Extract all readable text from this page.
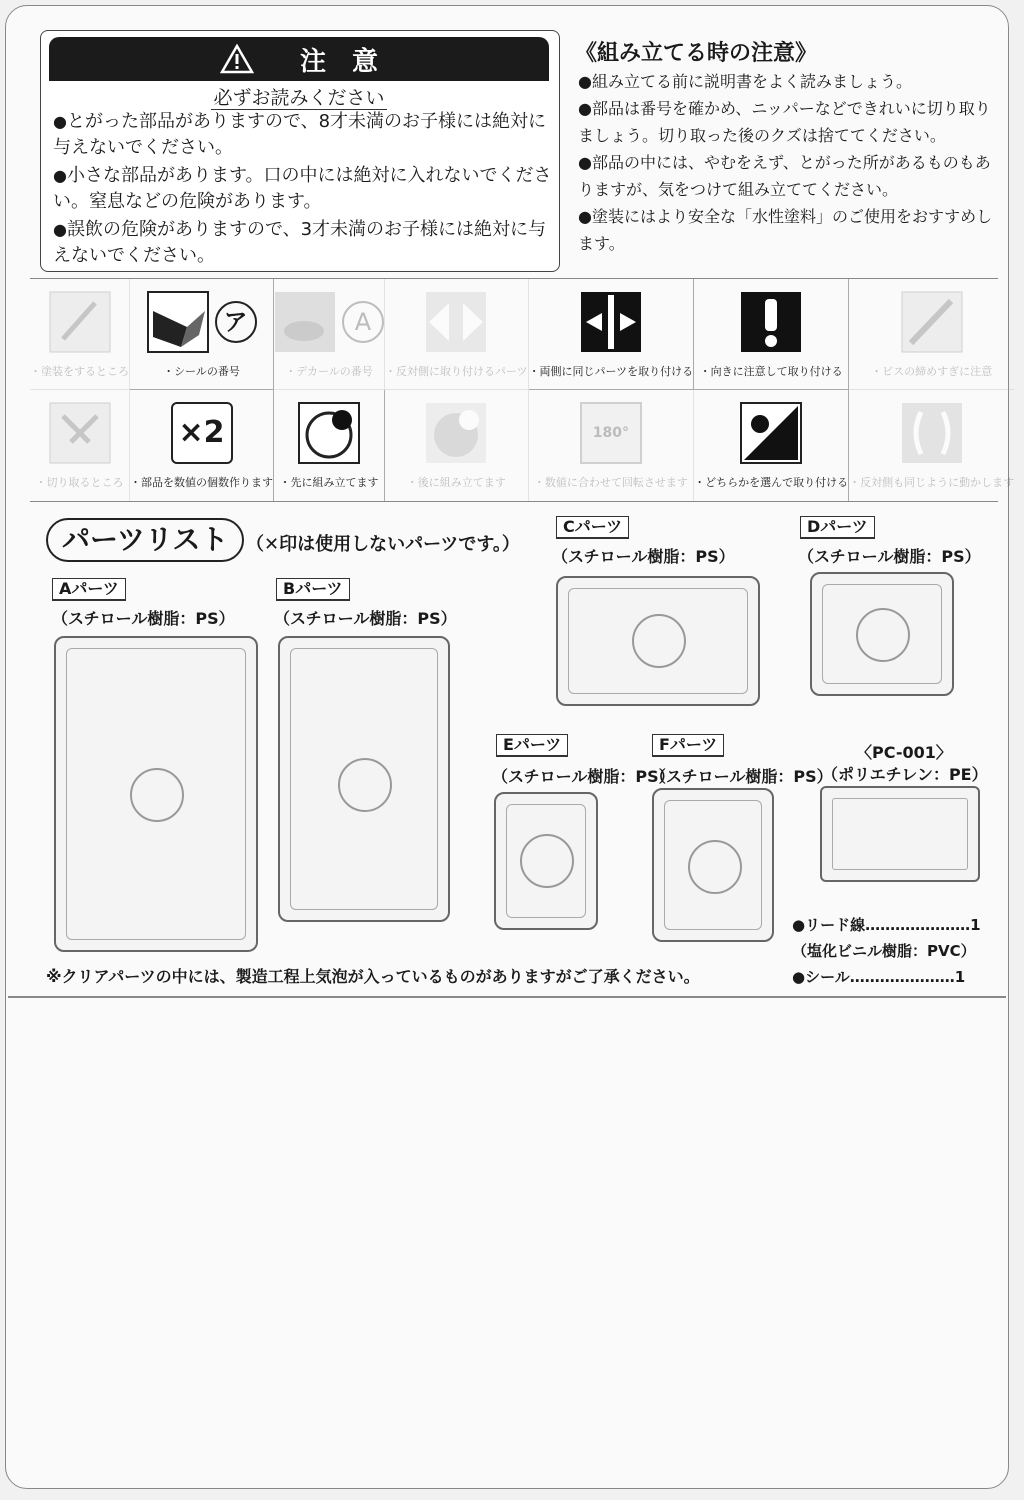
注　意
必ずお読みください
●とがった部品がありますので、8才未満のお子様には絶対に与えないでください。
●小さな部品があります。口の中には絶対に入れないでください。窒息などの危険があります。
●誤飲の危険がありますので、3才未満のお子様には絶対に与えないでください。
《組み立てる時の注意》
●組み立てる前に説明書をよく読みましょう。
●部品は番号を確かめ、ニッパーなどできれいに切り取りましょう。切り取った後のクズは捨ててください。
●部品の中には、やむをえず、とがった所があるものもありますが、気をつけて組み立ててください。
●塗装にはより安全な「水性塗料」のご使用をおすすめします。
・塗装をするところ
ア
・シールの番号
A
・デカールの番号 ・反対側に取り付けるパーツ ・両側に同じパーツを取り付ける ・向きに注意して取り付ける	・ビスの締めすぎに注意
・切り取るところ
×2
・部品を数値の個数作ります ・先に組み立てます	・後に組み立てます
180°
・数値に合わせて回転させます ・どちらかを選んで取り付ける ・反対側も同じように動かします
パーツリスト （✕印は使用しないパーツです。）
Aパーツ
（スチロール樹脂：PS）
Bパーツ
（スチロール樹脂：PS）
Cパーツ
（スチロール樹脂：PS）
Dパーツ
（スチロール樹脂：PS）
Eパーツ
（スチロール樹脂：PS）
Fパーツ
（スチロール樹脂：PS）
〈PC-001〉
（ポリエチレン：PE）
●リード線…………………1
（塩化ビニル樹脂：PVC）
●シール…………………1
※クリアパーツの中には、製造工程上気泡が入っているものがありますがご了承ください。
